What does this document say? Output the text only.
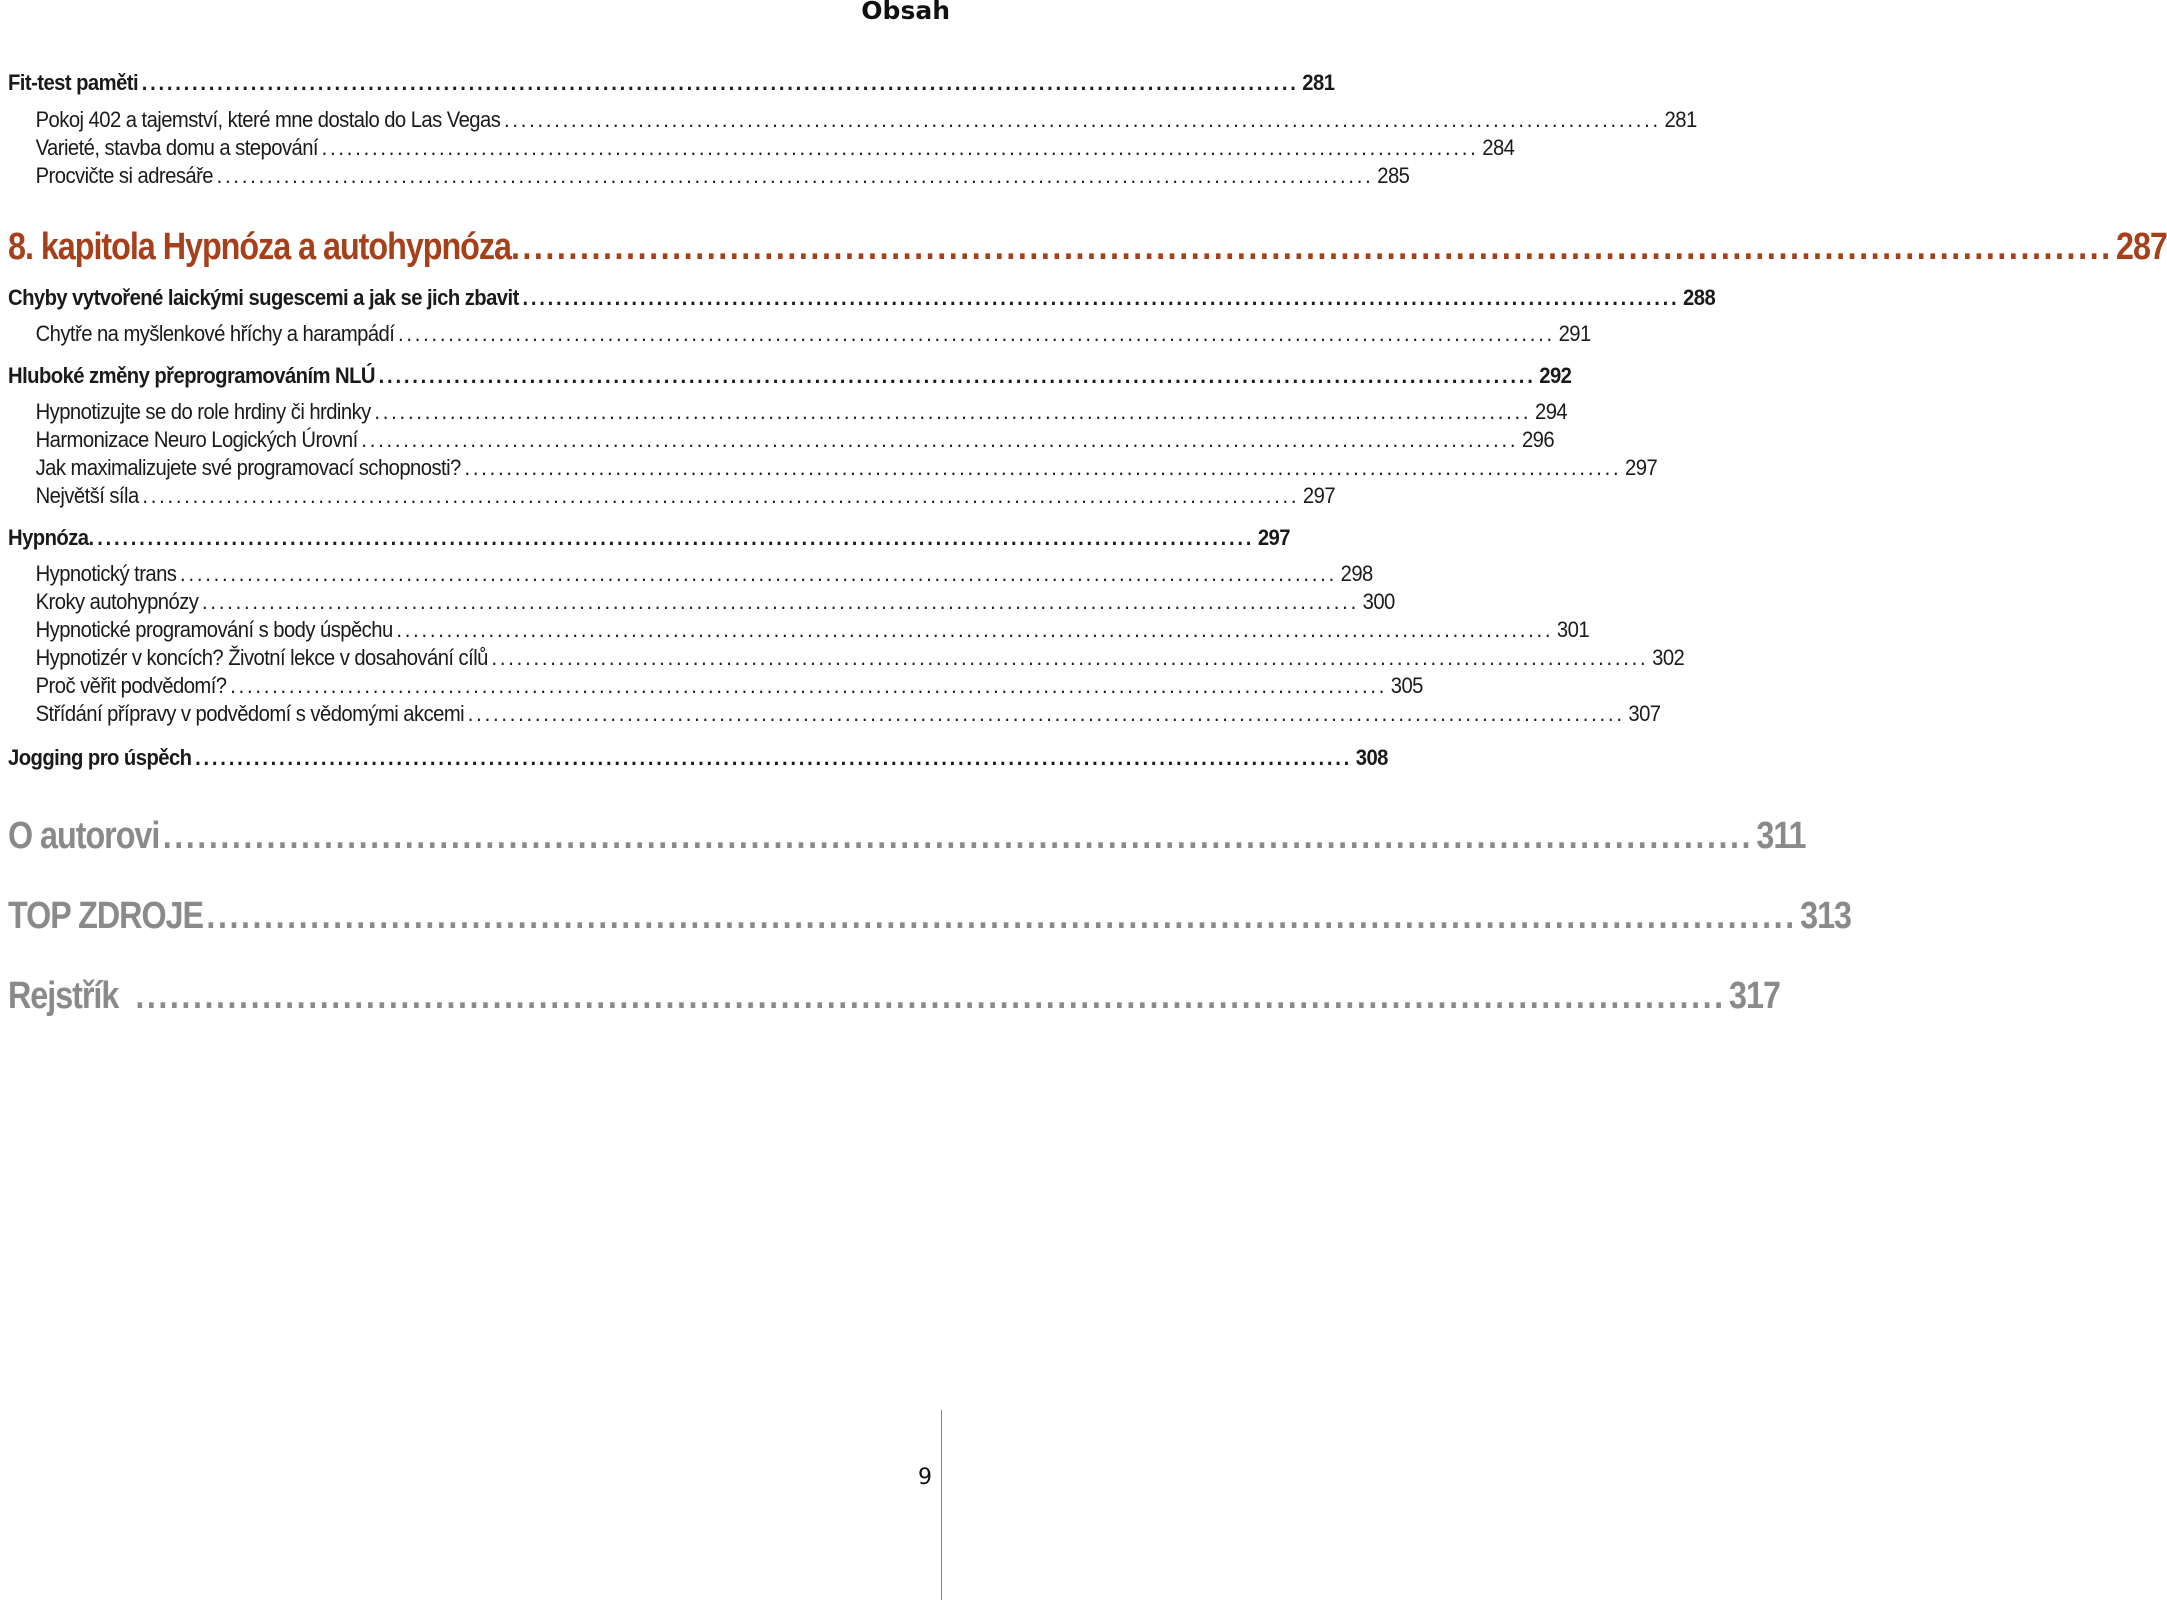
Obsah
Fit-test paměti .......................................................................................................................................... 281
Pokoj 402 a tajemství, které mne dostalo do Las Vegas .......................................................................................................................................... 281
Varieté, stavba domu a stepování .......................................................................................................................................... 284
Procvičte si adresáře .......................................................................................................................................... 285
8. kapitola Hypnóza a autohypnóza. .......................................................................................................................................... 287
Chyby vytvořené laickými sugescemi a jak se jich zbavit .......................................................................................................................................... 288
Chytře na myšlenkové hříchy a harampádí .......................................................................................................................................... 291
Hluboké změny přeprogramováním NLÚ .......................................................................................................................................... 292
Hypnotizujte se do role hrdiny či hrdinky .......................................................................................................................................... 294
Harmonizace Neuro Logických Úrovní .......................................................................................................................................... 296
Jak maximalizujete své programovací schopnosti? .......................................................................................................................................... 297
Největší síla .......................................................................................................................................... 297
Hypnóza. .......................................................................................................................................... 297
Hypnotický trans .......................................................................................................................................... 298
Kroky autohypnózy .......................................................................................................................................... 300
Hypnotické programování s body úspěchu .......................................................................................................................................... 301
Hypnotizér v koncích? Životní lekce v dosahování cílů .......................................................................................................................................... 302
Proč věřit podvědomí? .......................................................................................................................................... 305
Střídání přípravy v podvědomí s vědomými akcemi .......................................................................................................................................... 307
Jogging pro úspěch .......................................................................................................................................... 308
O autorovi .......................................................................................................................................... 311
TOP ZDROJE .......................................................................................................................................... 313
Rejstřík .......................................................................................................................................... 317
9
